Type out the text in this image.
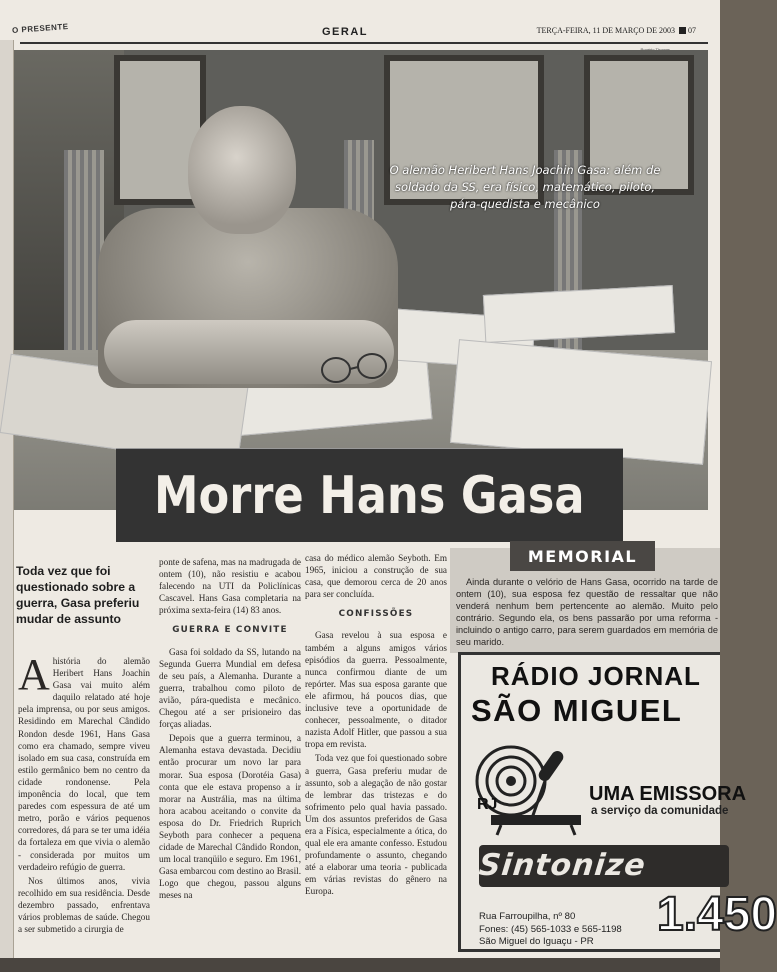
O PRESENTE	GERAL	TERÇA-FEIRA, 11 DE MARÇO DE 2003 07
O alemão Heribert Hans Joachin Gasa: além de
soldado da SS, era físico, matemático, piloto,
pára-quedista e mecânico
Morre Hans Gasa
Toda vez que foi questionado sobre a guerra, Gasa preferiu mudar de assunto

Ahistória do alemão Heribert Hans Joachin Gasa vai muito além daquilo relatado até hoje pela imprensa, ou por seus amigos. Residindo em Marechal Cândido Rondon desde 1961, Hans Gasa como era chamado, sempre viveu isolado em sua casa, construída em estilo germânico bem no centro da cidade rondonense. Pela imponência do local, que tem paredes com espessura de até um metro, porão e vários pequenos corredores, dá para se ter uma idéia da fortaleza em que vivia o alemão - considerada por muitos um verdadeiro refúgio de guerra.

Nos últimos anos, vivia recolhido em sua residência. Desde dezembro passado, enfrentava vários problemas de saúde. Chegou a ser submetido a cirurgia de

ponte de safena, mas na madrugada de ontem (10), não resistiu e acabou falecendo na UTI da Policlínicas Cascavel. Hans Gasa completaria na próxima sexta-feira (14) 83 anos.

GUERRA E CONVITE

Gasa foi soldado da SS, lutando na Segunda Guerra Mundial em defesa de seu país, a Alemanha. Durante a guerra, trabalhou como piloto de avião, pára-quedista e mecânico. Chegou até a ser prisioneiro das forças aliadas.

Depois que a guerra terminou, a Alemanha estava devastada. Decidiu então procurar um novo lar para morar. Sua esposa (Dorotéia Gasa) conta que ele estava propenso a ir morar na Austrália, mas na última hora acabou aceitando o convite da esposa do Dr. Friedrich Ruprich Seyboth para conhecer a pequena cidade de Marechal Cândido Rondon, um local tranqüilo e seguro. Em 1961, Gasa embarcou com destino ao Brasil. Logo que chegou, passou alguns meses na

casa do médico alemão Seyboth. Em 1965, iniciou a construção de sua casa, que demorou cerca de 20 anos para ser concluída.

CONFISSÕES

Gasa revelou à sua esposa e também a alguns amigos vários episódios da guerra. Pessoalmente, nunca confirmou diante de um repórter. Mas sua esposa garante que ele afirmou, há poucos dias, que inclusive teve a oportunidade de conhecer, pessoalmente, o ditador nazista Adolf Hitler, que passou a sua tropa em revista.

Toda vez que foi questionado sobre a guerra, Gasa preferiu mudar de assunto, sob a alegação de não gostar de lembrar das tristezas e do sofrimento pelo qual havia passado. Um dos assuntos preferidos de Gasa era a Física, especialmente a ótica, do qual ele era amante confesso. Estudou profundamente o assunto, chegando até a elaborar uma teoria - publicada em várias revistas do gênero na Europa.

MEMORIAL
Ainda durante o velório de Hans Gasa, ocorrido na tarde de ontem (10), sua esposa fez questão de ressaltar que não venderá nenhum bem pertencente ao alemão. Muito pelo contrário. Segundo ela, os bens passarão por uma reforma - incluindo o antigo carro, para serem guardados em memória de seu marido.
RÁDIO JORNAL
SÃO MIGUEL
RJ	UMA EMISSORA
a serviço da comunidade
Sintonize
1.450
Rua Farroupilha, nº 80
Fones: (45) 565-1033 e 565-1198
São Miguel do Iguaçu - PR
